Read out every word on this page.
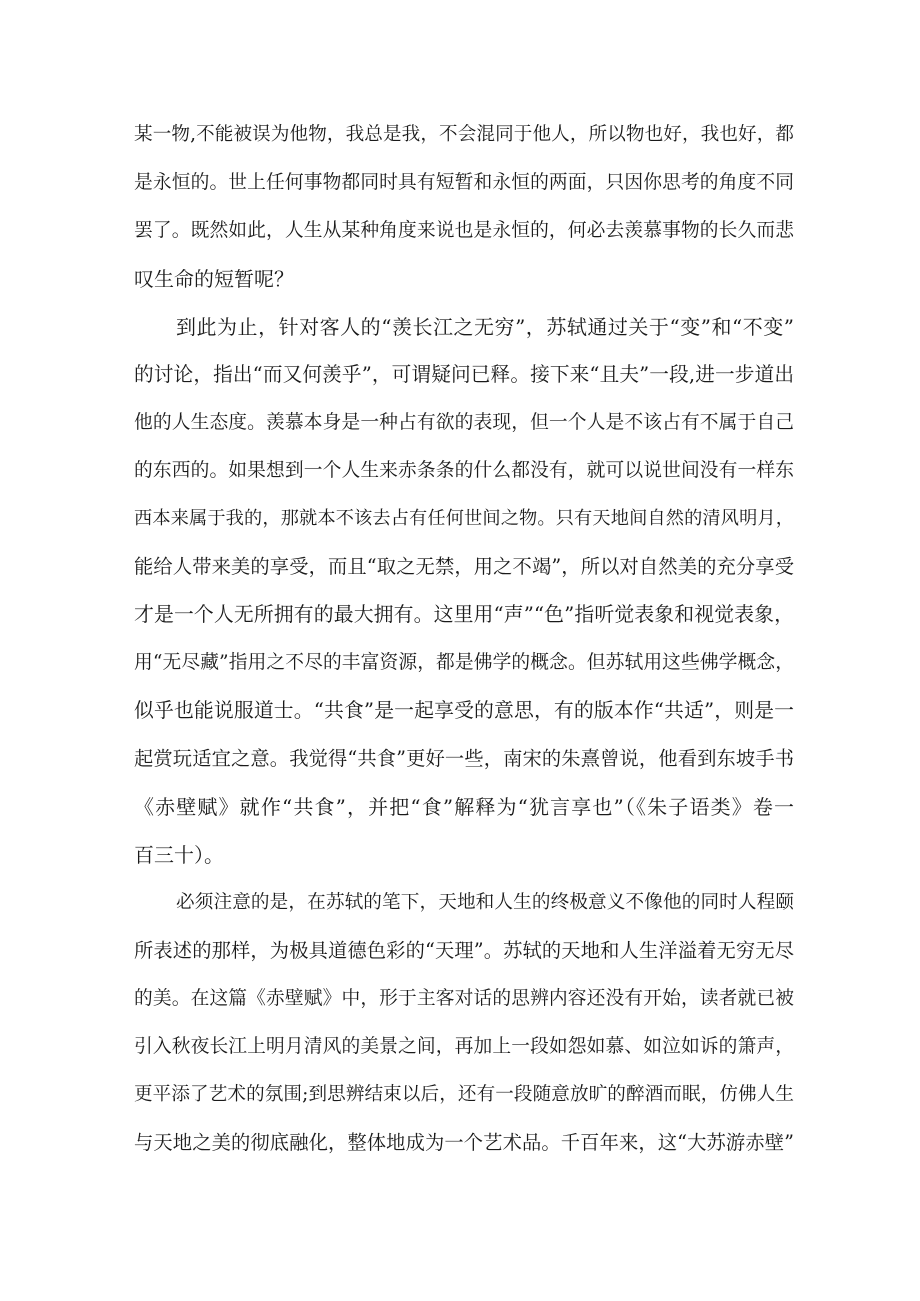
某一物,不能被误为他物，我总是我，不会混同于他人，所以物也好，我也好，都

是永恒的。世上任何事物都同时具有短暂和永恒的两面，只因你思考的角度不同

罢了。既然如此，人生从某种角度来说也是永恒的，何必去羡慕事物的长久而悲

叹生命的短暂呢？

到此为止，针对客人的“羡长江之无穷”，苏轼通过关于“变”和“不变”

的讨论，指出“而又何羡乎”，可谓疑问已释。接下来“且夫”一段,进一步道出

他的人生态度。羡慕本身是一种占有欲的表现，但一个人是不该占有不属于自己

的东西的。如果想到一个人生来赤条条的什么都没有，就可以说世间没有一样东

西本来属于我的，那就本不该去占有任何世间之物。只有天地间自然的清风明月，

能给人带来美的享受，而且“取之无禁，用之不竭”，所以对自然美的充分享受

才是一个人无所拥有的最大拥有。这里用“声”“色”指听觉表象和视觉表象，

用“无尽藏”指用之不尽的丰富资源，都是佛学的概念。但苏轼用这些佛学概念，

似乎也能说服道士。“共食”是一起享受的意思，有的版本作“共适”，则是一

起赏玩适宜之意。我觉得“共食”更好一些，南宋的朱熹曾说，他看到东坡手书

《赤壁赋》就作“共食”，并把“食”解释为“犹言享也”（《朱子语类》卷一

百三十）。

必须注意的是，在苏轼的笔下，天地和人生的终极意义不像他的同时人程颐

所表述的那样，为极具道德色彩的“天理”。苏轼的天地和人生洋溢着无穷无尽

的美。在这篇《赤壁赋》中，形于主客对话的思辨内容还没有开始，读者就已被

引入秋夜长江上明月清风的美景之间，再加上一段如怨如慕、如泣如诉的箫声，

更平添了艺术的氛围;到思辨结束以后，还有一段随意放旷的醉酒而眠，仿佛人生

与天地之美的彻底融化，整体地成为一个艺术品。千百年来，这“大苏游赤壁”
